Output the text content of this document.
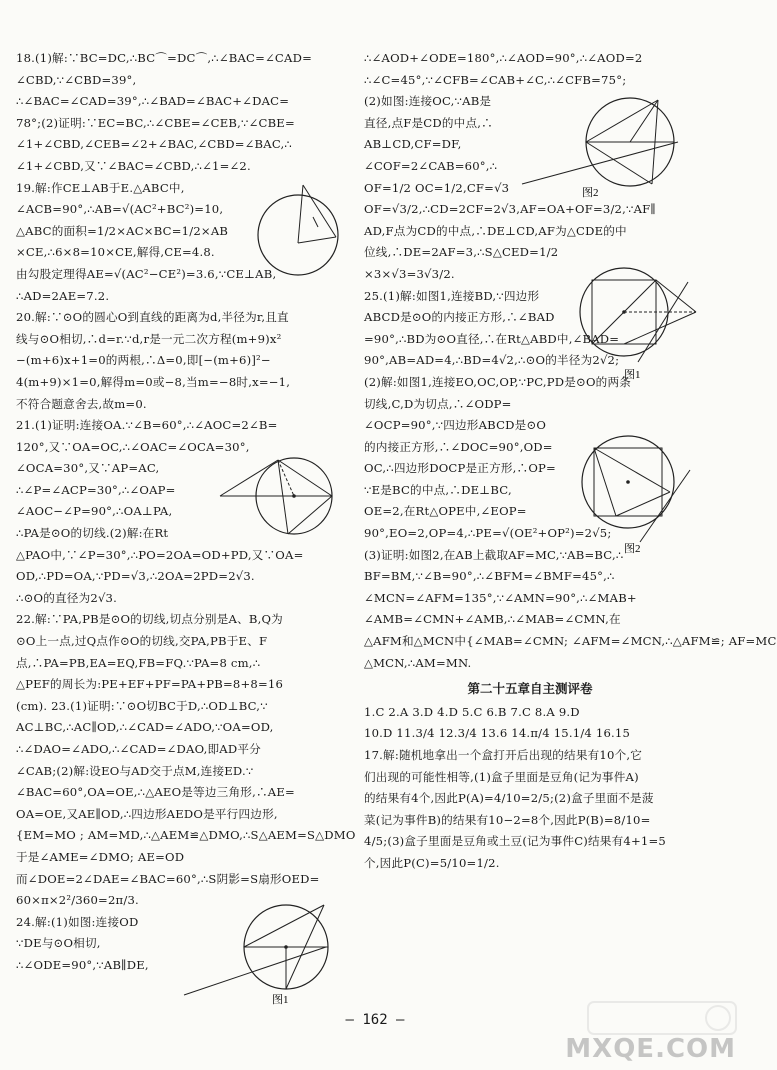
18.(1)解:∵BC=DC,∴BC⌒=DC⌒,∴∠BAC=∠CAD=
∠CBD,∵∠CBD=39°,
∴∠BAC=∠CAD=39°,∴∠BAD=∠BAC+∠DAC=
78°;(2)证明:∵EC=BC,∴∠CBE=∠CEB,∵∠CBE=
∠1+∠CBD,∠CEB=∠2+∠BAC,∠CBD=∠BAC,∴
∠1+∠CBD,又∵∠BAC=∠CBD,∴∠1=∠2.
19.解:作CE⊥AB于E.△ABC中,
∠ACB=90°,∴AB=√(AC²+BC²)=10,
△ABC的面积=1/2×AC×BC=1/2×AB
×CE,∴6×8=10×CE,解得,CE=4.8.
由勾股定理得AE=√(AC²−CE²)=3.6,∵CE⊥AB,
∴AD=2AE=7.2.
20.解:∵⊙O的圆心O到直线的距离为d,半径为r,且直
线与⊙O相切,∴d=r.∵d,r是一元二次方程(m+9)x²
−(m+6)x+1=0的两根,∴Δ=0,即[−(m+6)]²−
4(m+9)×1=0,解得m=0或−8,当m=−8时,x=−1,
不符合题意舍去,故m=0.
21.(1)证明:连接OA.∵∠B=60°,∴∠AOC=2∠B=
120°,又∵OA=OC,∴∠OAC=∠OCA=30°,
∠OCA=30°,又∵AP=AC,
∴∠P=∠ACP=30°,∴∠OAP=
∠AOC−∠P=90°,∴OA⊥PA,
∴PA是⊙O的切线.(2)解:在Rt
△PAO中,∵∠P=30°,∴PO=2OA=OD+PD,又∵OA=
OD,∴PD=OA,∵PD=√3,∴2OA=2PD=2√3.
∴⊙O的直径为2√3.
22.解:∵PA,PB是⊙O的切线,切点分别是A、B,Q为
⊙O上一点,过Q点作⊙O的切线,交PA,PB于E、F
点,∴PA=PB,EA=EQ,FB=FQ.∵PA=8 cm,∴
△PEF的周长为:PE+EF+PF=PA+PB=8+8=16
(cm). 23.(1)证明:∵⊙O切BC于D,∴OD⊥BC,∵
AC⊥BC,∴AC∥OD,∴∠CAD=∠ADO,∵OA=OD,
∴∠DAO=∠ADO,∴∠CAD=∠DAO,即AD平分
∠CAB;(2)解:设EO与AD交于点M,连接ED.∵
∠BAC=60°,OA=OE,∴△AEO是等边三角形,∴AE=
OA=OE,又AE∥OD,∴四边形AEDO是平行四边形,
{EM=MO ; AM=MD,∴△AEM≌△DMO,∴S△AEM=S△DMO
于是∠AME=∠DMO; AE=OD
而∠DOE=2∠DAE=∠BAC=60°,∴S阴影=S扇形OED=
60×π×2²/360=2π/3.
24.解:(1)如图:连接OD
∵DE与⊙O相切,
∴∠ODE=90°,∵AB∥DE,
∴∠AOD+∠ODE=180°,∴∠AOD=90°,∴∠AOD=2
∴∠C=45°,∵∠CFB=∠CAB+∠C,∴∠CFB=75°;
(2)如图:连接OC,∵AB是
直径,点F是CD的中点,∴
AB⊥CD,CF=DF,
∠COF=2∠CAB=60°,∴
OF=1/2 OC=1/2,CF=√3
OF=√3/2,∴CD=2CF=2√3,AF=OA+OF=3/2,∵AF∥
AD,F点为CD的中点,∴DE⊥CD,AF为△CDE的中
位线,∴DE=2AF=3,∴S△CED=1/2
×3×√3=3√3/2.
25.(1)解:如图1,连接BD,∵四边形
ABCD是⊙O的内接正方形,∴∠BAD
=90°,∴BD为⊙O直径,∴在Rt△ABD中,∠BAD=
90°,AB=AD=4,∴BD=4√2,∴⊙O的半径为2√2;
(2)解:如图1,连接EO,OC,OP,∵PC,PD是⊙O的两条
切线,C,D为切点,∴∠ODP=
∠OCP=90°,∵四边形ABCD是⊙O
的内接正方形,∴∠DOC=90°,OD=
OC,∴四边形DOCP是正方形,∴OP=
∵E是BC的中点,∴DE⊥BC,
OE=2,在Rt△OPE中,∠EOP=
90°,EO=2,OP=4,∴PE=√(OE²+OP²)=2√5;
(3)证明:如图2,在AB上截取AF=MC,∵AB=BC,∴
BF=BM,∵∠B=90°,∴∠BFM=∠BMF=45°,∴
∠MCN=∠AFM=135°,∵∠AMN=90°,∴∠MAB+
∠AMB=∠CMN+∠AMB,∴∠MAB=∠CMN,在
△AFM和△MCN中{∠MAB=∠CMN; ∠AFM=∠MCN,∴△AFM≌; AF=MC
△MCN,∴AM=MN.
第二十五章自主测评卷
1.C 2.A 3.D 4.D 5.C 6.B 7.C 8.A 9.D
10.D 11.3/4 12.3/4 13.6 14.π/4 15.1/4 16.15
17.解:随机地拿出一个盒打开后出现的结果有10个,它
们出现的可能性相等,(1)盒子里面是豆角(记为事件A)
的结果有4个,因此P(A)=4/10=2/5;(2)盒子里面不是菠
菜(记为事件B)的结果有10−2=8个,因此P(B)=8/10=
4/5;(3)盒子里面是豆角或土豆(记为事件C)结果有4+1=5
个,因此P(C)=5/10=1/2.
图1
图2
图1
图2
— 162 —
MXQE.COM
